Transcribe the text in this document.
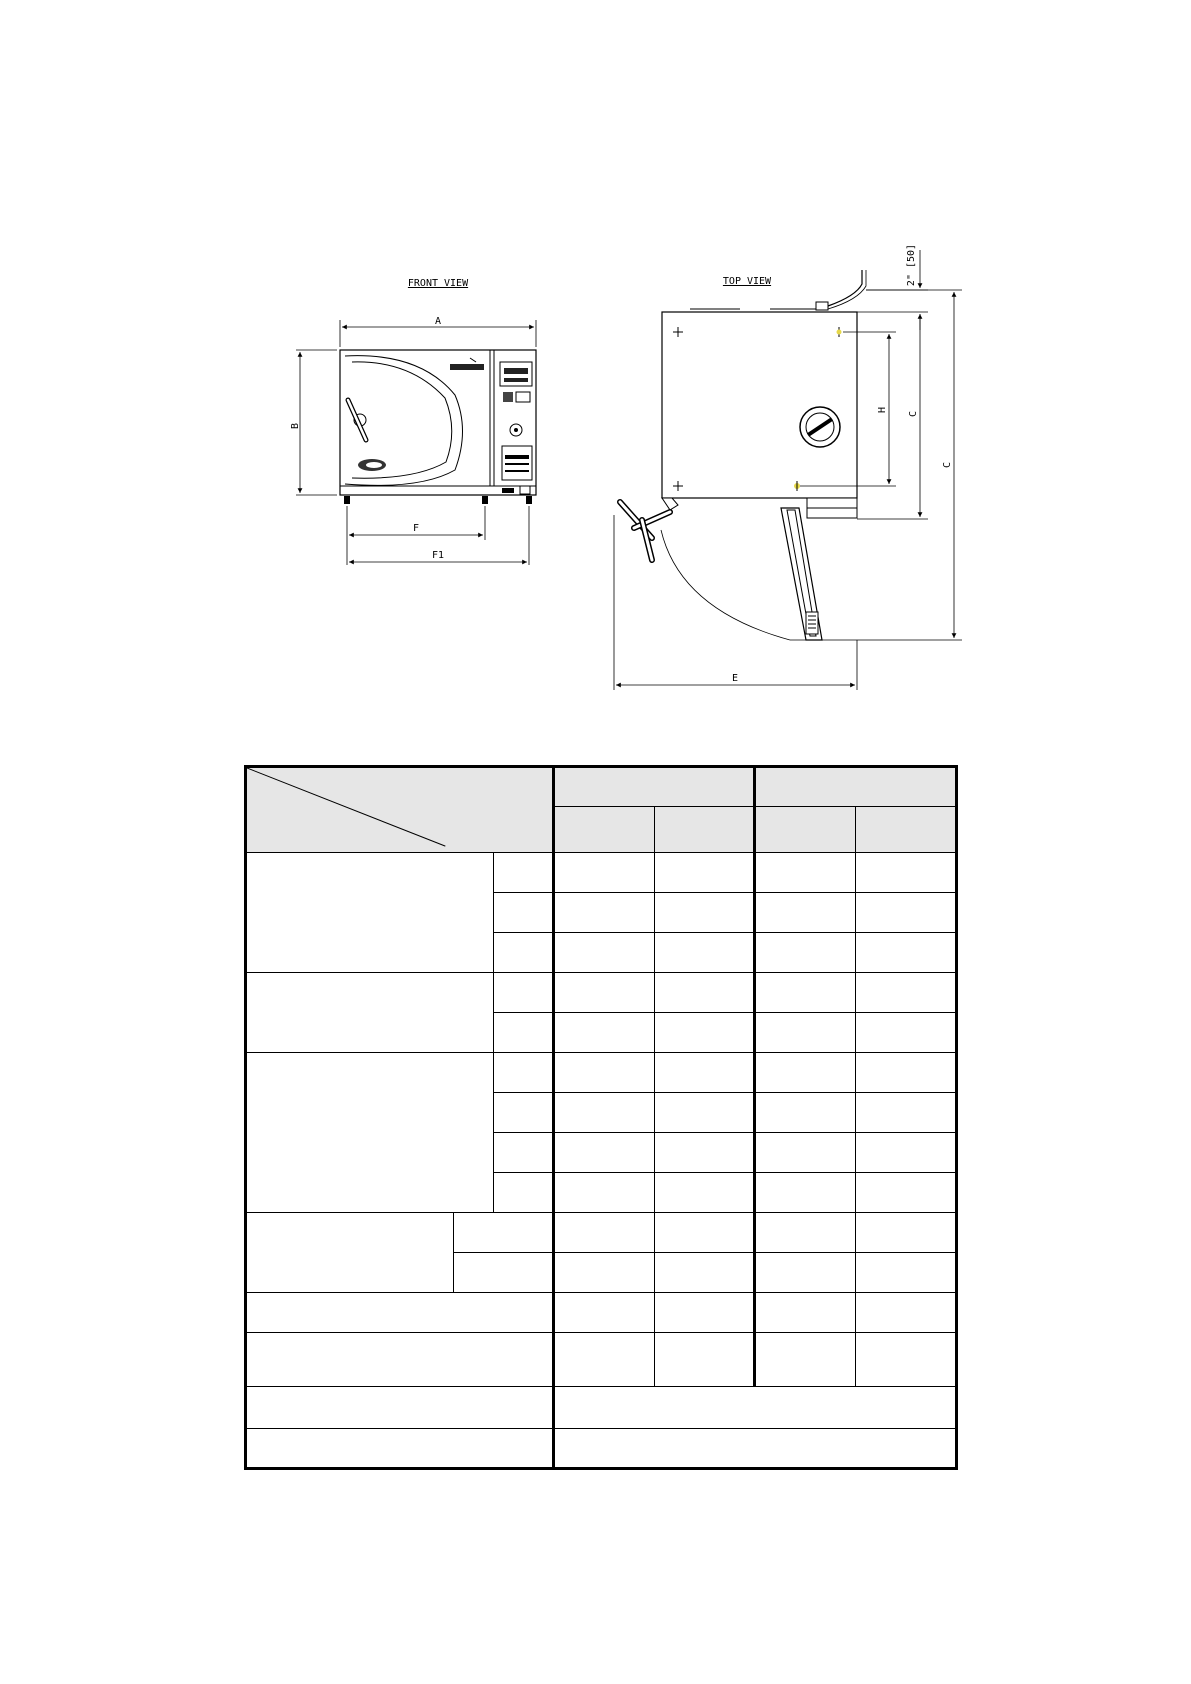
FRONT VIEW
A
B
F
F1
TOP VIEW
H
C
2" [50]
C
E
